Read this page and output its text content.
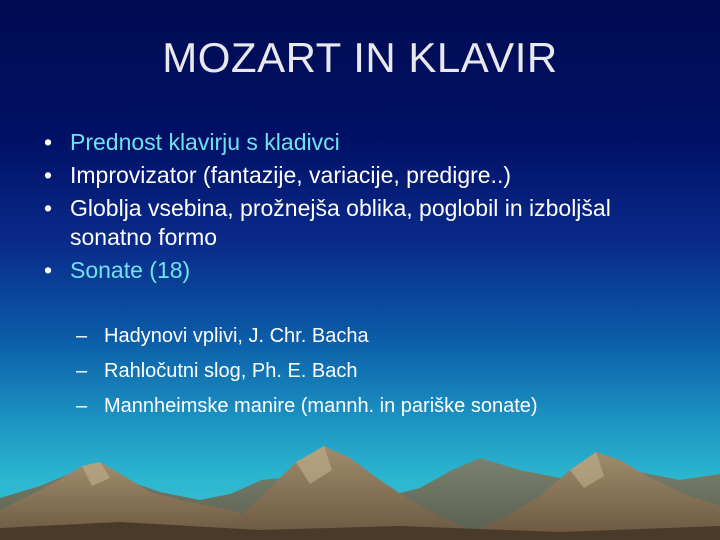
MOZART IN KLAVIR
• Prednost klavirju s kladivci
• Improvizator (fantazije, variacije, predigre..)
• Globlja vsebina, prožnejša oblika, poglobil in izboljšal sonatno formo
• Sonate (18)
– Hadynovi vplivi, J. Chr. Bacha
– Rahločutni slog, Ph. E. Bach
– Mannheimske manire (mannh. in pariške sonate)
